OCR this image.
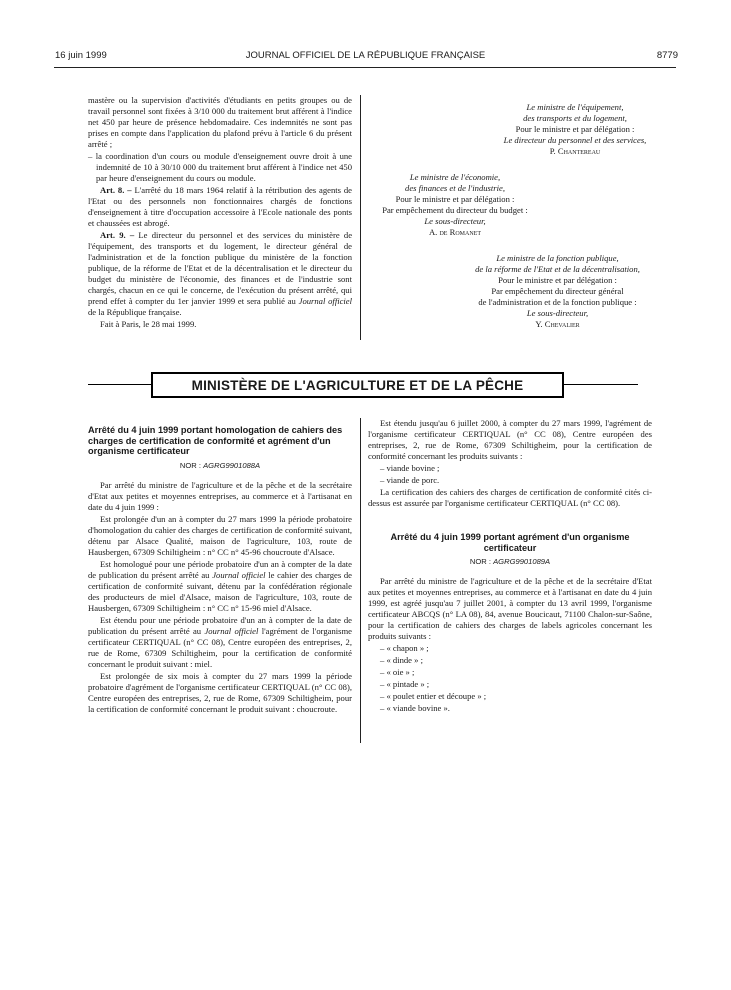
16 juin 1999	JOURNAL OFFICIEL DE LA RÉPUBLIQUE FRANÇAISE	8779

mastère ou la supervision d'activités d'étudiants en petits groupes ou de travail personnel sont fixées à 3/10 000 du traitement brut afférent à l'indice net 450 par heure de présence hebdomadaire. Ces indemnités ne sont pas prises en compte dans l'application du plafond prévu à l'article 6 du présent arrêté ;

– la coordination d'un cours ou module d'enseignement ouvre droit à une indemnité de 10 à 30/10 000 du traitement brut afférent à l'indice net 450 par heure d'enseignement du cours ou module.

Art. 8. – L'arrêté du 18 mars 1964 relatif à la rétribution des agents de l'Etat ou des personnels non fonctionnaires chargés de fonctions d'enseignement à titre d'occupation accessoire à l'Ecole nationale des ponts et chaussées est abrogé.

Art. 9. – Le directeur du personnel et des services du ministère de l'équipement, des transports et du logement, le directeur général de l'administration et de la fonction publique du ministère de la fonction publique, de la réforme de l'Etat et de la décentralisation et le directeur du budget du ministère de l'économie, des finances et de l'industrie sont chargés, chacun en ce qui le concerne, de l'exécution du présent arrêté, qui prend effet à compter du 1er janvier 1999 et sera publié au Journal officiel de la République française.

Fait à Paris, le 28 mai 1999.

Le ministre de l'équipement,
des transports et du logement,
Pour le ministre et par délégation :
Le directeur du personnel et des services,
P. Chantereau
Le ministre de l'économie,
des finances et de l'industrie,
Pour le ministre et par délégation :
Par empêchement du directeur du budget :
Le sous-directeur,
A. de Romanet
Le ministre de la fonction publique,
de la réforme de l'Etat et de la décentralisation,
Pour le ministre et par délégation :
Par empêchement du directeur général
de l'administration et de la fonction publique :
Le sous-directeur,
Y. Chevalier
MINISTÈRE DE L'AGRICULTURE ET DE LA PÊCHE
Arrêté du 4 juin 1999 portant homologation de cahiers des charges de certification de conformité et agrément d'un organisme certificateur
NOR : AGRG9901088A

Par arrêté du ministre de l'agriculture et de la pêche et de la secrétaire d'Etat aux petites et moyennes entreprises, au commerce et à l'artisanat en date du 4 juin 1999 :

Est prolongée d'un an à compter du 27 mars 1999 la période probatoire d'homologation du cahier des charges de certification de conformité suivant, détenu par Alsace Qualité, maison de l'agriculture, 103, route de Hausbergen, 67309 Schiltigheim : n° CC n° 45-96 choucroute d'Alsace.

Est homologué pour une période probatoire d'un an à compter de la date de publication du présent arrêté au Journal officiel le cahier des charges de certification de conformité suivant, détenu par la confédération régionale des producteurs de miel d'Alsace, maison de l'agriculture, 103, route de Hausbergen, 67309 Schiltigheim : n° CC n° 15-96 miel d'Alsace.

Est étendu pour une période probatoire d'un an à compter de la date de publication du présent arrêté au Journal officiel l'agrément de l'organisme certificateur CERTIQUAL (n° CC 08), Centre européen des entreprises, 2, rue de Rome, 67309 Schiltigheim, pour la certification de conformité concernant le produit suivant : miel.

Est prolongée de six mois à compter du 27 mars 1999 la période probatoire d'agrément de l'organisme certificateur CERTIQUAL (n° CC 08), Centre européen des entreprises, 2, rue de Rome, 67309 Schiltigheim, pour la certification de conformité concernant le produit suivant : choucroute.

Est étendu jusqu'au 6 juillet 2000, à compter du 27 mars 1999, l'agrément de l'organisme certificateur CERTIQUAL (n° CC 08), Centre européen des entreprises, 2, rue de Rome, 67309 Schiltigheim, pour la certification de conformité concernant les produits suivants :

– viande bovine ;

– viande de porc.

La certification des cahiers des charges de certification de conformité cités ci-dessus est assurée par l'organisme certificateur CERTIQUAL (n° CC 08).

Arrêté du 4 juin 1999 portant agrément d'un organisme certificateur
NOR : AGRG9901089A

Par arrêté du ministre de l'agriculture et de la pêche et de la secrétaire d'Etat aux petites et moyennes entreprises, au commerce et à l'artisanat en date du 4 juin 1999, est agréé jusqu'au 7 juillet 2001, à compter du 13 avril 1999, l'organisme certificateur ABCQS (n° LA 08), 84, avenue Boucicaut, 71100 Chalon-sur-Saône, pour la certification de cahiers des charges de labels agricoles concernant les produits suivants :

– « chapon » ;

– « dinde » ;

– « oie » ;

– « pintade » ;

– « poulet entier et découpe » ;

– « viande bovine ».
